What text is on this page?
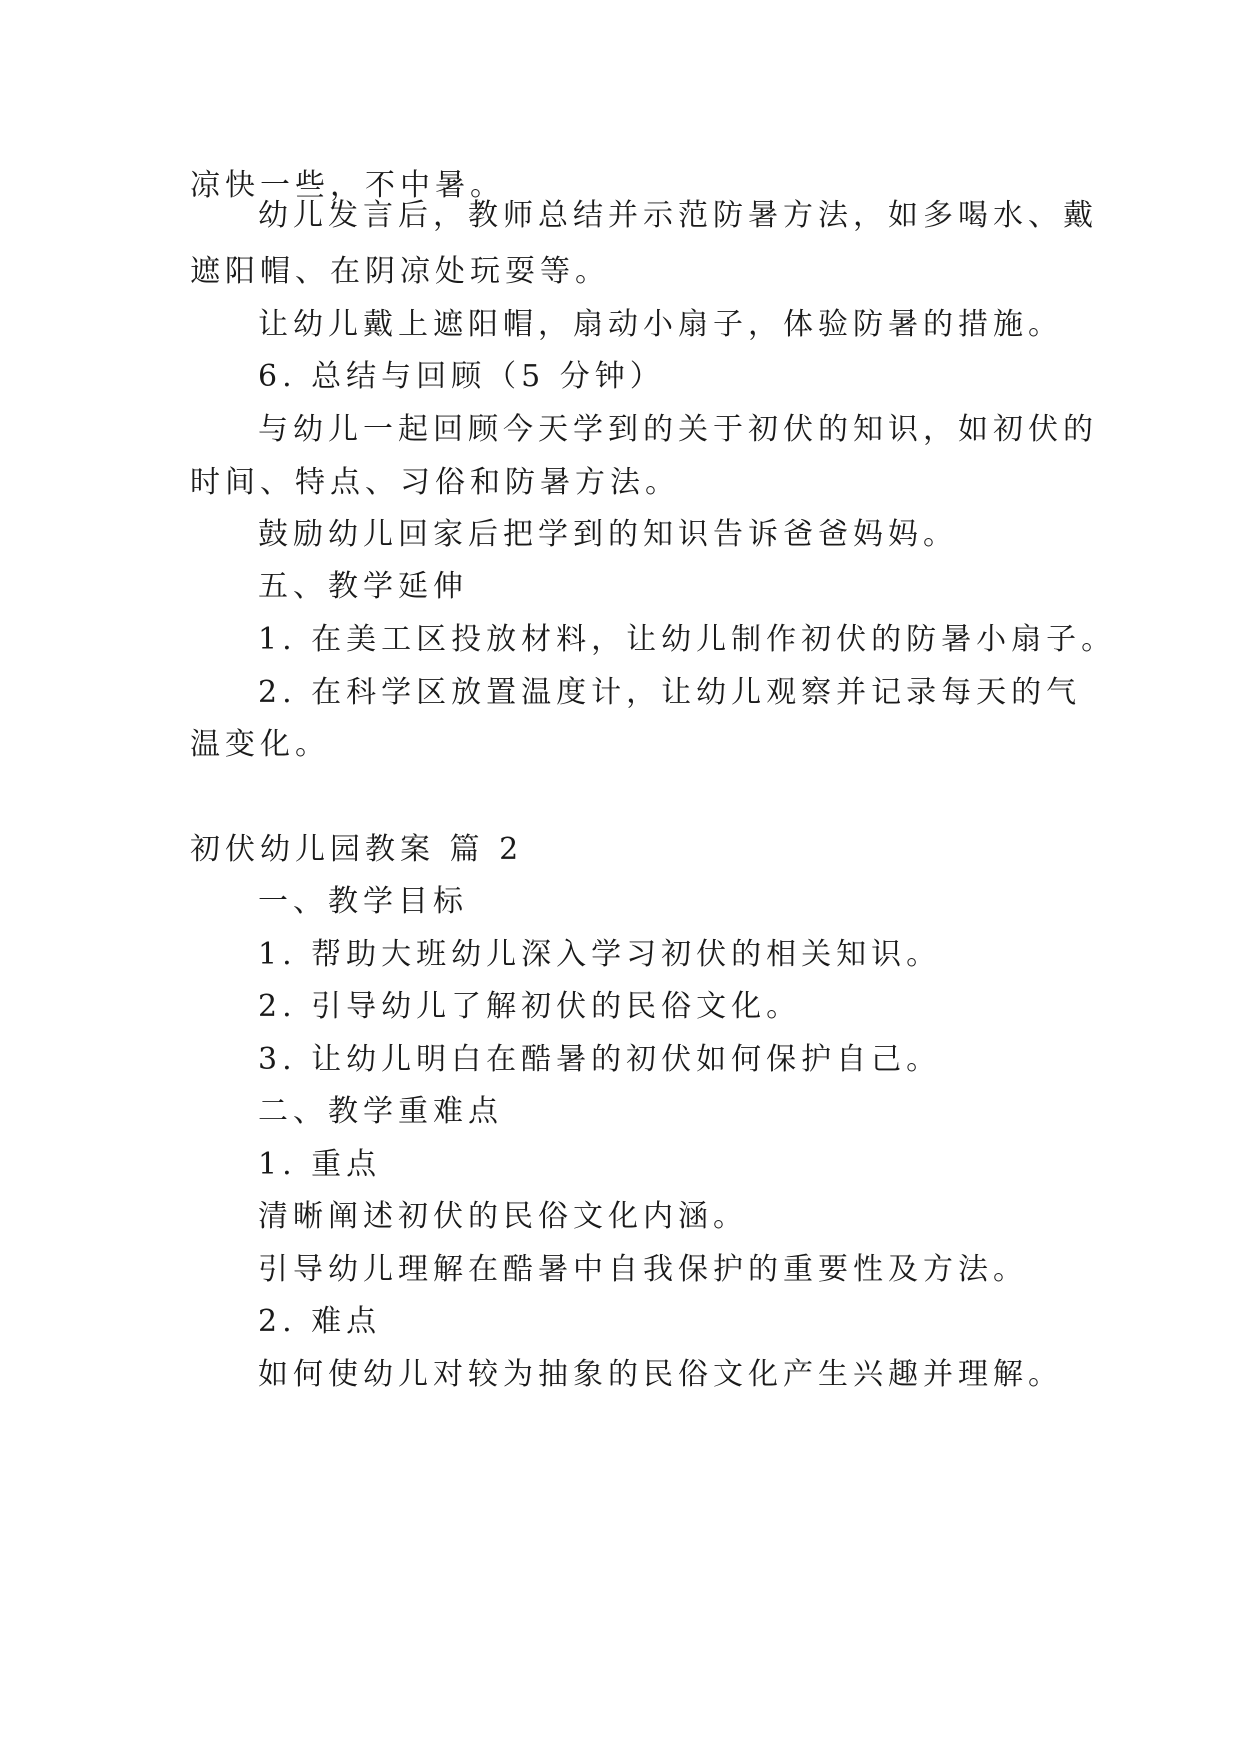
凉快一些，不中暑。
幼儿发言后，教师总结并示范防暑方法，如多喝水、戴
遮阳帽、在阴凉处玩耍等。
让幼儿戴上遮阳帽，扇动小扇子，体验防暑的措施。
6. 总结与回顾（5 分钟）
与幼儿一起回顾今天学到的关于初伏的知识，如初伏的
时间、特点、习俗和防暑方法。
鼓励幼儿回家后把学到的知识告诉爸爸妈妈。
五、教学延伸
1. 在美工区投放材料，让幼儿制作初伏的防暑小扇子。
2. 在科学区放置温度计，让幼儿观察并记录每天的气
温变化。
初伏幼儿园教案 篇 2
一、教学目标
1. 帮助大班幼儿深入学习初伏的相关知识。
2. 引导幼儿了解初伏的民俗文化。
3. 让幼儿明白在酷暑的初伏如何保护自己。
二、教学重难点
1. 重点
清晰阐述初伏的民俗文化内涵。
引导幼儿理解在酷暑中自我保护的重要性及方法。
2. 难点
如何使幼儿对较为抽象的民俗文化产生兴趣并理解。
